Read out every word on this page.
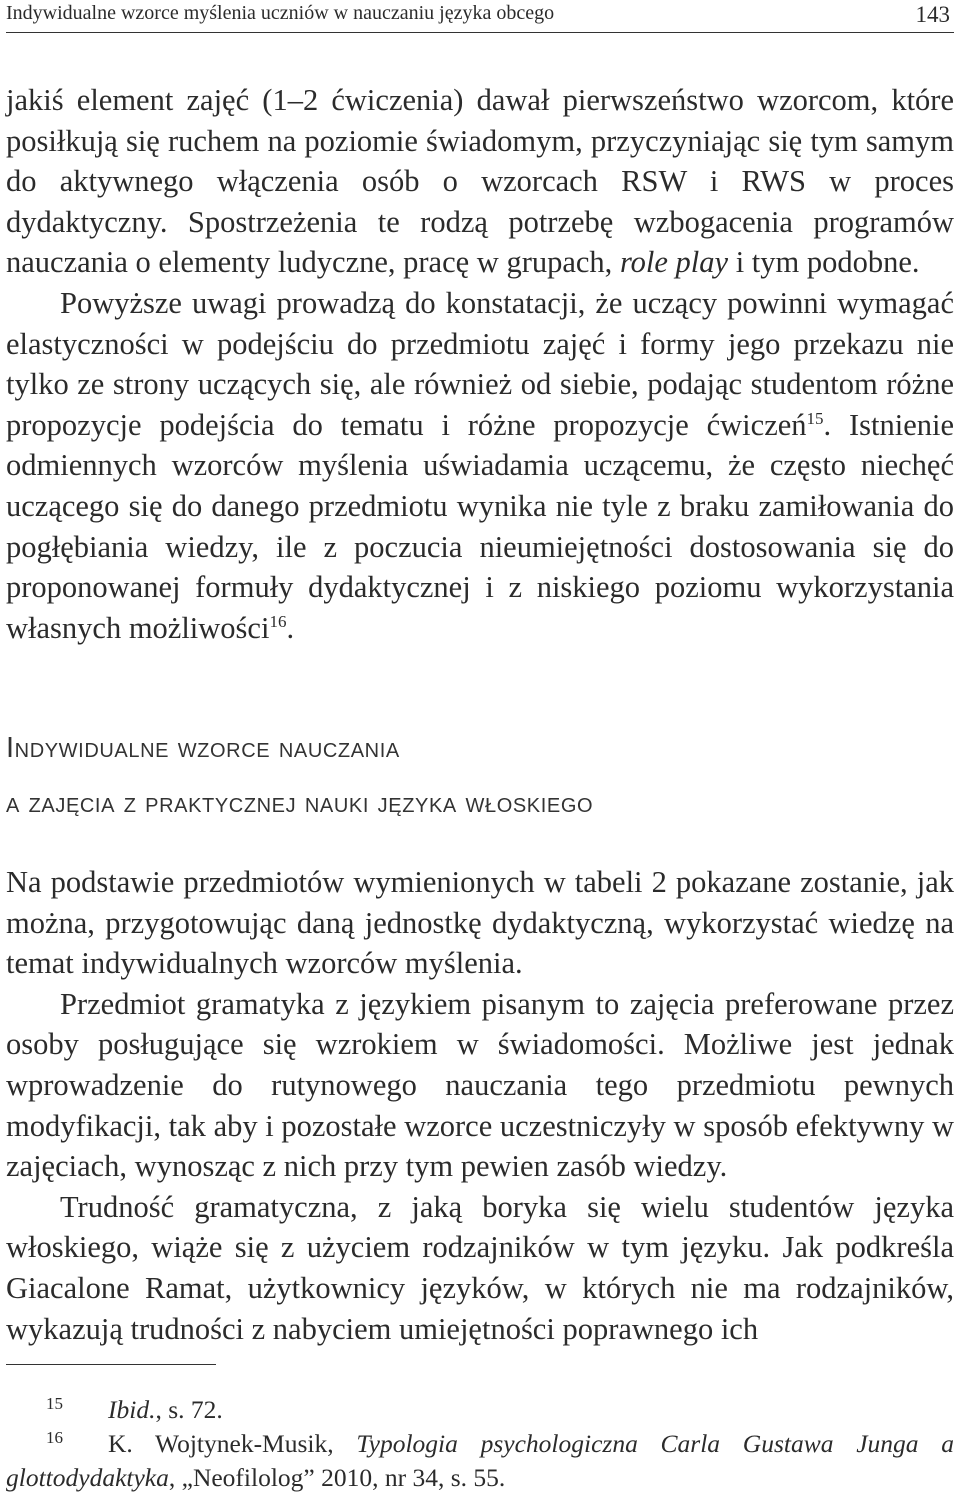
Indywidualne wzorce myślenia uczniów w nauczaniu języka obcego	143

jakiś element zajęć (1–2 ćwiczenia) dawał pierwszeństwo wzorcom, które posiłkują się ruchem na poziomie świadomym, przyczyniając się tym samym do aktywnego włączenia osób o wzorcach RSW i RWS w proces dydaktyczny. Spostrzeżenia te rodzą potrzebę wzbogacenia programów nauczania o elementy ludyczne, pracę w grupach, role play i tym podobne.

Powyższe uwagi prowadzą do konstatacji, że uczący powinni wymagać elastyczności w podejściu do przedmiotu zajęć i formy jego przekazu nie tylko ze strony uczących się, ale również od siebie, podając studentom różne propozycje podejścia do tematu i różne propozycje ćwiczeń$^{15}$. Istnienie odmiennych wzorców myślenia uświadamia uczącemu, że często niechęć uczącego się do danego przedmiotu wynika nie tyle z braku zamiłowania do pogłębiania wiedzy, ile z poczucia nieumiejętności dostosowania się do proponowanej formuły dydaktycznej i z niskiego poziomu wykorzystania własnych możliwości$^{16}$.

Indywidualne wzorce nauczania
a zajęcia z praktycznej nauki języka włoskiego

Na podstawie przedmiotów wymienionych w tabeli 2 pokazane zostanie, jak można, przygotowując daną jednostkę dydaktyczną, wykorzystać wiedzę na temat indywidualnych wzorców myślenia.

Przedmiot gramatyka z językiem pisanym to zajęcia preferowane przez osoby posługujące się wzrokiem w świadomości. Możliwe jest jednak wprowadzenie do rutynowego nauczania tego przedmiotu pewnych modyfikacji, tak aby i pozostałe wzorce uczestniczyły w sposób efektywny w zajęciach, wynosząc z nich przy tym pewien zasób wiedzy.

Trudność gramatyczna, z jaką boryka się wielu studentów języka włoskiego, wiąże się z użyciem rodzajników w tym języku. Jak podkreśla Giacalone Ramat, użytkownicy języków, w których nie ma rodzajników, wykazują trudności z nabyciem umiejętności poprawnego ich

15 Ibid., s. 72.

16 K. Wojtynek-Musik, Typologia psychologiczna Carla Gustawa Junga a glottodydaktyka, „Neofilolog” 2010, nr 34, s. 55.
